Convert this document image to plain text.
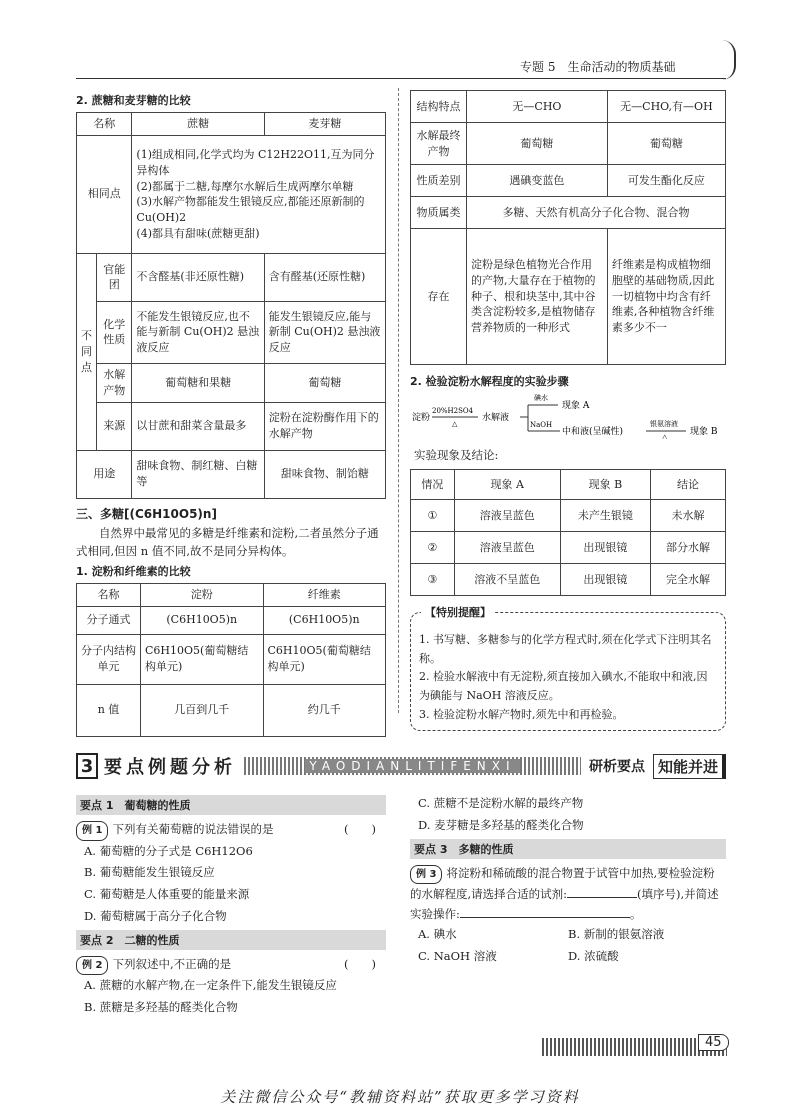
专题 5　生命活动的物质基础
2. 蔗糖和麦芽糖的比较
名称		蔗糖	麦芽糖
相同点		(1)组成相同,化学式均为 C12H22O11,互为同分异构体
(2)都属于二糖,每摩尔水解后生成两摩尔单糖
(3)水解产物都能发生银镜反应,都能还原新制的 Cu(OH)2
(4)都具有甜味(蔗糖更甜)	

不同点	官能团	不含醛基(非还原性糖)	含有醛基(还原性糖)
	化学性质	不能发生银镜反应,也不能与新制 Cu(OH)2 悬浊液反应	能发生银镜反应,能与新制 Cu(OH)2 悬浊液反应
	水解产物	葡萄糖和果糖	葡萄糖
	来源	以甘蔗和甜菜含量最多	淀粉在淀粉酶作用下的水解产物
用途		甜味食物、制红糖、白糖等	甜味食物、制饴糖
三、多糖[(C6H10O5)n]

自然界中最常见的多糖是纤维素和淀粉,二者虽然分子通式相同,但因 n 值不同,故不是同分异构体。

1. 淀粉和纤维素的比较
名称	淀粉	纤维素
分子通式	(C6H10O5)n	(C6H10O5)n
分子内结构单元	C6H10O5(葡萄糖结构单元)	C6H10O5(葡萄糖结构单元)
n 值	几百到几千	约几千
结构特点	无—CHO	无—CHO,有—OH
水解最终产物	葡萄糖	葡萄糖
性质差别	遇碘变蓝色	可发生酯化反应
物质属类	多糖、天然有机高分子化合物、混合物	
存在	淀粉是绿色植物光合作用的产物,大量存在于植物的种子、根和块茎中,其中谷类含淀粉较多,是植物储存营养物质的一种形式	纤维素是构成植物细胞壁的基础物质,因此一切植物中均含有纤维素,各种植物含纤维素多少不一
2. 检验淀粉水解程度的实验步骤
淀粉
20%H2SO4
△
水解液
碘水
现象 A
NaOH
中和液(呈碱性)
银氨溶液
△	现象 B
实验现象及结论:
情况	现象 A	现象 B	结论
①	溶液呈蓝色	未产生银镜	未水解
②	溶液呈蓝色	出现银镜	部分水解
③	溶液不呈蓝色	出现银镜	完全水解
【特别提醒】
1. 书写糖、多糖参与的化学方程式时,须在化学式下注明其名称。
2. 检验水解液中有无淀粉,须直接加入碘水,不能取中和液,因为碘能与 NaOH 溶液反应。
3. 检验淀粉水解产物时,须先中和再检验。
3 要点例题分析	YAODIANLITIFENXI	研析要点 知能并进
要点 1　葡萄糖的性质
例 1 下列有关葡萄糖的说法错误的是	(　　)
A. 葡萄糖的分子式是 C6H12O6
B. 葡萄糖能发生银镜反应
C. 葡萄糖是人体重要的能量来源
D. 葡萄糖属于高分子化合物
要点 2　二糖的性质
例 2 下列叙述中,不正确的是	(　　)
A. 蔗糖的水解产物,在一定条件下,能发生银镜反应
B. 蔗糖是多羟基的醛类化合物
C. 蔗糖不是淀粉水解的最终产物
D. 麦芽糖是多羟基的醛类化合物
要点 3　多糖的性质
例 3 将淀粉和稀硫酸的混合物置于试管中加热,要检验淀粉的水解程度,请选择合适的试剂:	(填序号),并简述实验操作:	。
A. 碘水	B. 新制的银氨溶液
C. NaOH 溶液	D. 浓硫酸
45
关注微信公众号“教辅资料站”获取更多学习资料
